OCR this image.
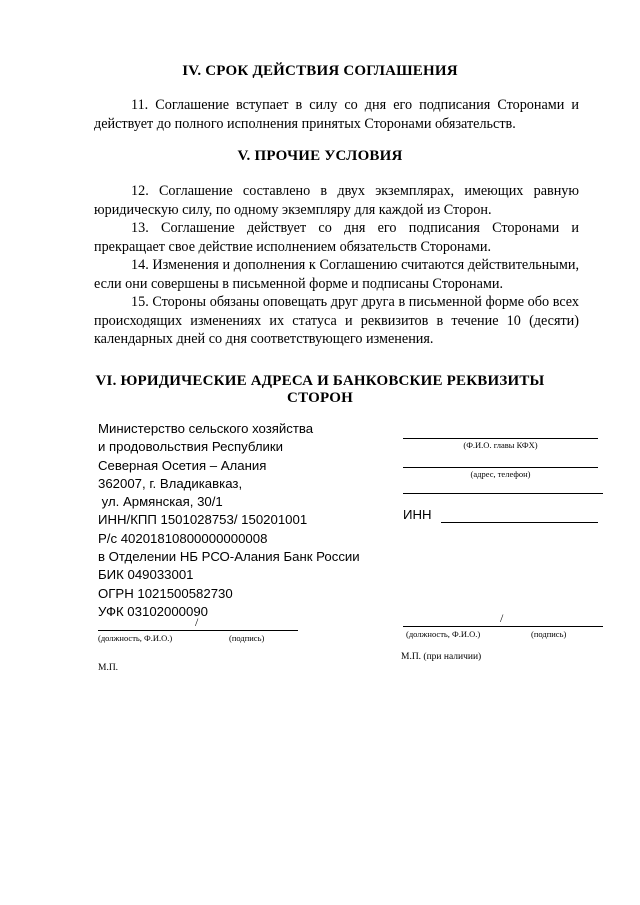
IV. СРОК ДЕЙСТВИЯ СОГЛАШЕНИЯ

11. Соглашение вступает в силу со дня его подписания Сторонами и действует до полного исполнения принятых Сторонами обязательств.

V. ПРОЧИЕ УСЛОВИЯ

12. Соглашение составлено в двух экземплярах, имеющих равную юридическую силу, по одному экземпляру для каждой из Сторон.

13. Соглашение действует со дня его подписания Сторонами и прекращает свое действие исполнением обязательств Сторонами.

14. Изменения и дополнения к Соглашению считаются действительными, если они совершены в письменной форме и подписаны Сторонами.

15. Стороны обязаны оповещать друг друга в письменной форме обо всех происходящих изменениях их статуса и реквизитов в течение 10 (десяти) календарных дней со дня соответствующего изменения.

VI. ЮРИДИЧЕСКИЕ АДРЕСА И БАНКОВСКИЕ РЕКВИЗИТЫ
СТОРОН
Министерство сельского хозяйства
и продовольствия Республики
Северная Осетия – Алания
362007, г. Владикавказ,
ул. Армянская, 30/1
ИНН/КПП 1501028753/ 150201001
Р/с 40201810800000000008
в Отделении НБ РСО-Алания Банк России
БИК 049033001
ОГРН 1021500582730
УФК 03102000090
/
(должность, Ф.И.О.)	(подпись)
М.П.
(Ф.И.О. главы КФХ)
(адрес, телефон)
ИНН
/
(должность, Ф.И.О.)	(подпись)
М.П. (при наличии)
